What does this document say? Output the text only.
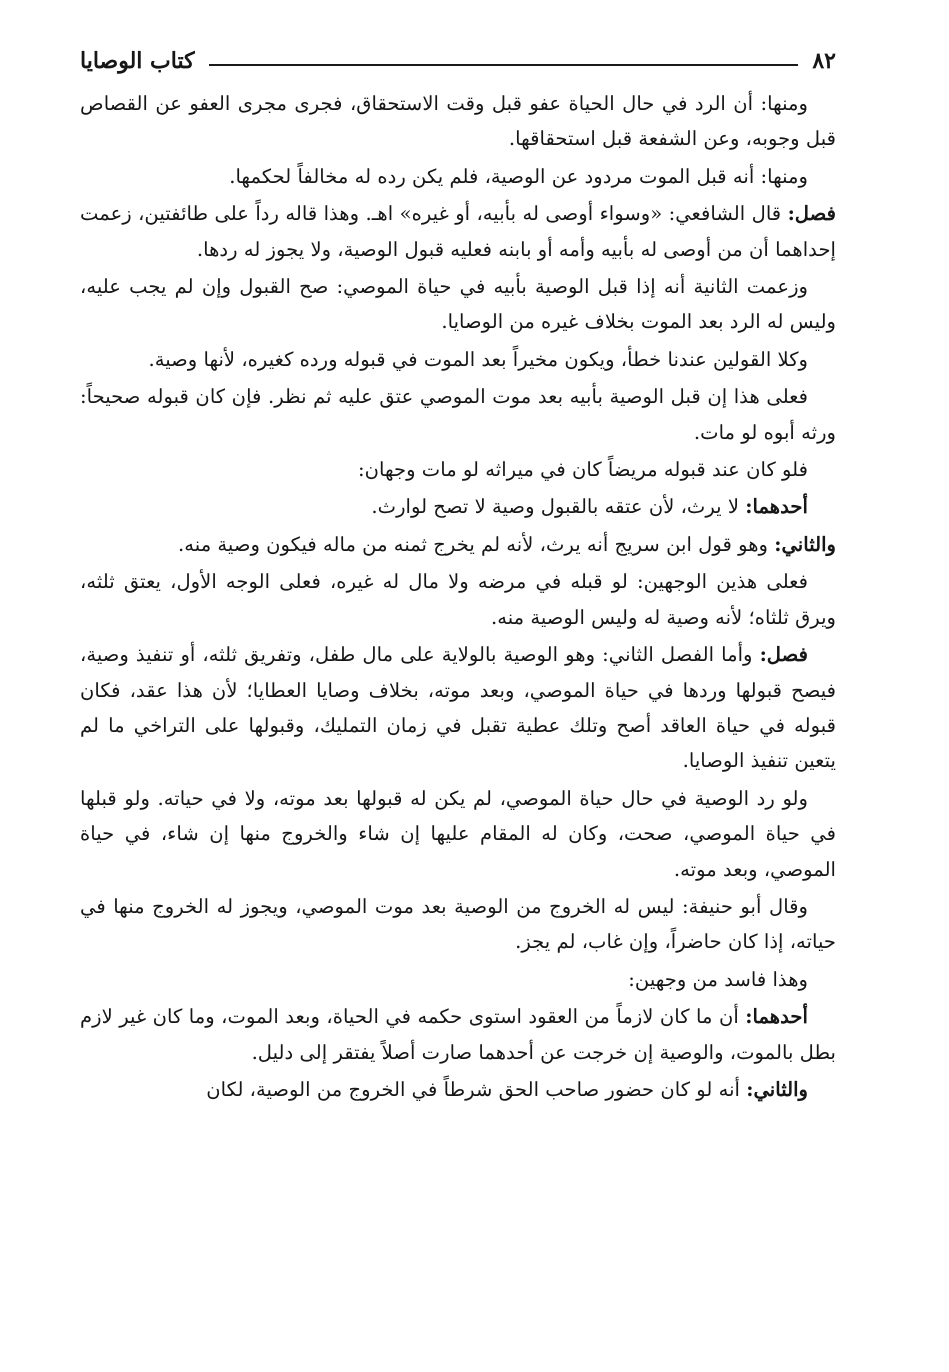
٨٢
كتاب الوصايا

ومنها: أن الرد في حال الحياة عفو قبل وقت الاستحقاق، فجرى مجرى العفو عن القصاص قبل وجوبه، وعن الشفعة قبل استحقاقها.

ومنها: أنه قبل الموت مردود عن الوصية، فلم يكن رده له مخالفاً لحكمها.

فصل: قال الشافعي: «وسواء أوصى له بأبيه، أو غيره» اهـ. وهذا قاله رداً على طائفتين، زعمت إحداهما أن من أوصى له بأبيه وأمه أو بابنه فعليه قبول الوصية، ولا يجوز له ردها.

وزعمت الثانية أنه إذا قبل الوصية بأبيه في حياة الموصي: صح القبول وإن لم يجب عليه، وليس له الرد بعد الموت بخلاف غيره من الوصايا.

وكلا القولين عندنا خطأ، ويكون مخيراً بعد الموت في قبوله ورده كغيره، لأنها وصية.

فعلى هذا إن قبل الوصية بأبيه بعد موت الموصي عتق عليه ثم نظر. فإن كان قبوله صحيحاً: ورثه أبوه لو مات.

فلو كان عند قبوله مريضاً كان في ميراثه لو مات وجهان:

أحدهما: لا يرث، لأن عتقه بالقبول وصية لا تصح لوارث.

والثاني: وهو قول ابن سريج أنه يرث، لأنه لم يخرج ثمنه من ماله فيكون وصية منه.

فعلى هذين الوجهين: لو قبله في مرضه ولا مال له غيره، فعلى الوجه الأول، يعتق ثلثه، ويرق ثلثاه؛ لأنه وصية له وليس الوصية منه.

فصل: وأما الفصل الثاني: وهو الوصية بالولاية على مال طفل، وتفريق ثلثه، أو تنفيذ وصية، فيصح قبولها وردها في حياة الموصي، وبعد موته، بخلاف وصايا العطايا؛ لأن هذا عقد، فكان قبوله في حياة العاقد أصح وتلك عطية تقبل في زمان التمليك، وقبولها على التراخي ما لم يتعين تنفيذ الوصايا.

ولو رد الوصية في حال حياة الموصي، لم يكن له قبولها بعد موته، ولا في حياته. ولو قبلها في حياة الموصي، صحت، وكان له المقام عليها إن شاء والخروج منها إن شاء، في حياة الموصي، وبعد موته.

وقال أبو حنيفة: ليس له الخروج من الوصية بعد موت الموصي، ويجوز له الخروج منها في حياته، إذا كان حاضراً، وإن غاب، لم يجز.

وهذا فاسد من وجهين:

أحدهما: أن ما كان لازماً من العقود استوى حكمه في الحياة، وبعد الموت، وما كان غير لازم بطل بالموت، والوصية إن خرجت عن أحدهما صارت أصلاً يفتقر إلى دليل.

والثاني: أنه لو كان حضور صاحب الحق شرطاً في الخروج من الوصية، لكان
